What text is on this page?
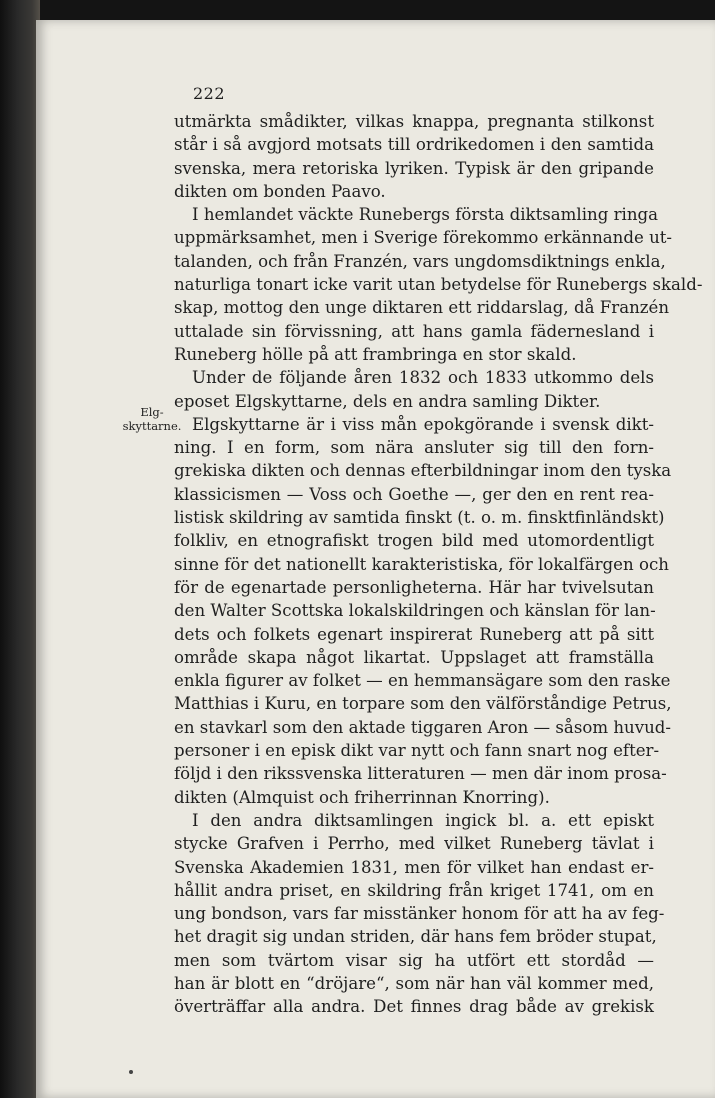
222
Elg-
skyttarne.
utmärkta smådikter, vilkas knappa, pregnanta stilkonst
står i så avgjord motsats till ordrikedomen i den samtida
svenska, mera retoriska lyriken. Typisk är den gripande
dikten om bonden Paavo.
I hemlandet väckte Runebergs första diktsamling ringa
uppmärksamhet, men i Sverige förekommo erkännande ut-
talanden, och från Franzén, vars ungdomsdiktnings enkla,
naturliga tonart icke varit utan betydelse för Runebergs skald-
skap, mottog den unge diktaren ett riddarslag, då Franzén
uttalade sin förvissning, att hans gamla fädernesland i
Runeberg hölle på att frambringa en stor skald.
Under de följande åren 1832 och 1833 utkommo dels
eposet Elgskyttarne, dels en andra samling Dikter.
Elgskyttarne är i viss mån epokgörande i svensk dikt-
ning. I en form, som nära ansluter sig till den forn-
grekiska dikten och dennas efterbildningar inom den tyska
klassicismen — Voss och Goethe —, ger den en rent rea-
listisk skildring av samtida finskt (t. o. m. finsktfinländskt)
folkliv, en etnografiskt trogen bild med utomordentligt
sinne för det nationellt karakteristiska, för lokalfärgen och
för de egenartade personligheterna. Här har tvivelsutan
den Walter Scottska lokalskildringen och känslan för lan-
dets och folkets egenart inspirerat Runeberg att på sitt
område skapa något likartat. Uppslaget att framställa
enkla figurer av folket — en hemmansägare som den raske
Matthias i Kuru, en torpare som den välförståndige Petrus,
en stavkarl som den aktade tiggaren Aron — såsom huvud-
personer i en episk dikt var nytt och fann snart nog efter-
följd i den rikssvenska litteraturen — men där inom prosa-
dikten (Almquist och friherrinnan Knorring).
I den andra diktsamlingen ingick bl. a. ett episkt
stycke Grafven i Perrho, med vilket Runeberg tävlat i
Svenska Akademien 1831, men för vilket han endast er-
hållit andra priset, en skildring från kriget 1741, om en
ung bondson, vars far misstänker honom för att ha av feg-
het dragit sig undan striden, där hans fem bröder stupat,
men som tvärtom visar sig ha utfört ett stordåd —
han är blott en “dröjare“, som när han väl kommer med,
överträffar alla andra. Det finnes drag både av grekisk
